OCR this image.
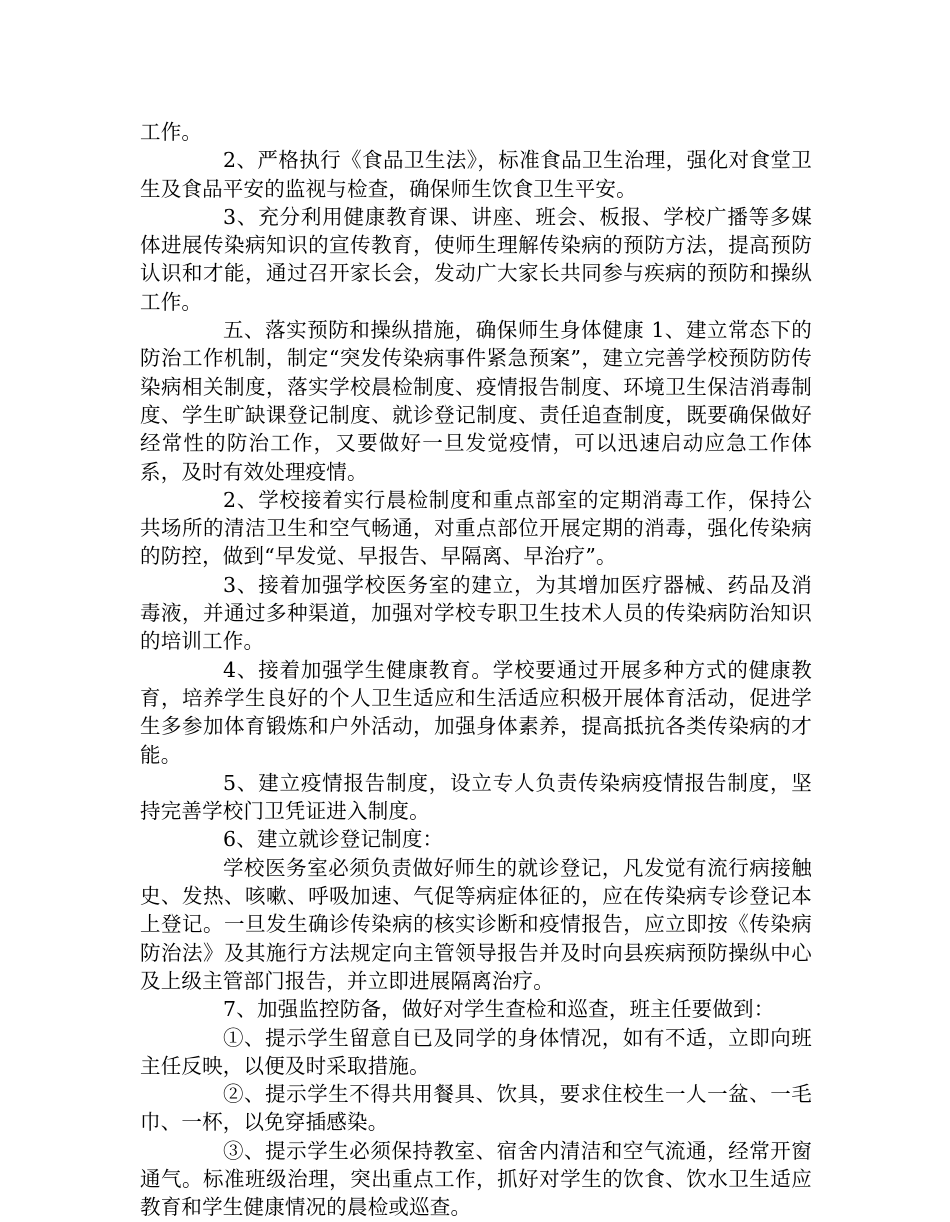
工作。

2、严格执行《食品卫生法》，标准食品卫生治理，强化对食堂卫生及食品平安的监视与检查，确保师生饮食卫生平安。

3、充分利用健康教育课、讲座、班会、板报、学校广播等多媒体进展传染病知识的宣传教育，使师生理解传染病的预防方法，提高预防认识和才能，通过召开家长会，发动广大家长共同参与疾病的预防和操纵工作。

五、落实预防和操纵措施，确保师生身体健康 1、建立常态下的防治工作机制，制定“突发传染病事件紧急预案”，建立完善学校预防防传染病相关制度，落实学校晨检制度、疫情报告制度、环境卫生保洁消毒制度、学生旷缺课登记制度、就诊登记制度、责任追查制度，既要确保做好经常性的防治工作，又要做好一旦发觉疫情，可以迅速启动应急工作体系，及时有效处理疫情。

2、学校接着实行晨检制度和重点部室的定期消毒工作，保持公共场所的清洁卫生和空气畅通，对重点部位开展定期的消毒，强化传染病的防控，做到“早发觉、早报告、早隔离、早治疗”。

3、接着加强学校医务室的建立，为其增加医疗器械、药品及消毒液，并通过多种渠道，加强对学校专职卫生技术人员的传染病防治知识的培训工作。

4、接着加强学生健康教育。学校要通过开展多种方式的健康教育，培养学生良好的个人卫生适应和生活适应积极开展体育活动，促进学生多参加体育锻炼和户外活动，加强身体素养，提高抵抗各类传染病的才能。

5、建立疫情报告制度，设立专人负责传染病疫情报告制度，坚持完善学校门卫凭证进入制度。

6、建立就诊登记制度：

学校医务室必须负责做好师生的就诊登记，凡发觉有流行病接触史、发热、咳嗽、呼吸加速、气促等病症体征的，应在传染病专诊登记本上登记。一旦发生确诊传染病的核实诊断和疫情报告，应立即按《传染病防治法》及其施行方法规定向主管领导报告并及时向县疾病预防操纵中心及上级主管部门报告，并立即进展隔离治疗。

7、加强监控防备，做好对学生查检和巡查，班主任要做到：

①、提示学生留意自已及同学的身体情况，如有不适，立即向班主任反映，以便及时采取措施。

②、提示学生不得共用餐具、饮具，要求住校生一人一盆、一毛巾、一杯，以免穿插感染。

③、提示学生必须保持教室、宿舍内清洁和空气流通，经常开窗通气。标准班级治理，突出重点工作，抓好对学生的饮食、饮水卫生适应教育和学生健康情况的晨检或巡查。
